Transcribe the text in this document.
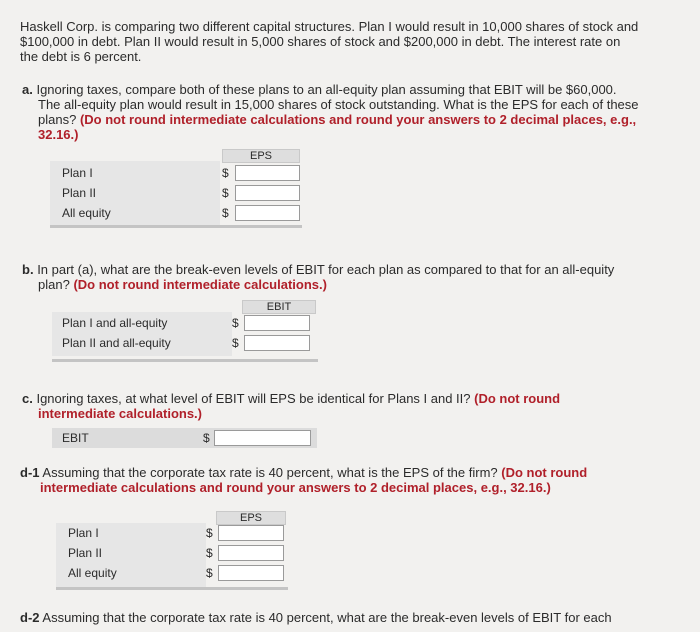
Haskell Corp. is comparing two different capital structures. Plan I would result in 10,000 shares of stock and
$100,000 in debt. Plan II would result in 5,000 shares of stock and $200,000 in debt. The interest rate on
the debt is 6 percent.
a. Ignoring taxes, compare both of these plans to an all-equity plan assuming that EBIT will be $60,000.
The all-equity plan would result in 15,000 shares of stock outstanding. What is the EPS for each of these
plans? (Do not round intermediate calculations and round your answers to 2 decimal places, e.g.,
32.16.)
EPS
Plan I	$
Plan II	$
All equity	$
b. In part (a), what are the break-even levels of EBIT for each plan as compared to that for an all-equity
plan? (Do not round intermediate calculations.)
EBIT
Plan I and all-equity	$
Plan II and all-equity	$
c. Ignoring taxes, at what level of EBIT will EPS be identical for Plans I and II? (Do not round
intermediate calculations.)
EBIT	$
d-1 Assuming that the corporate tax rate is 40 percent, what is the EPS of the firm? (Do not round
intermediate calculations and round your answers to 2 decimal places, e.g., 32.16.)
EPS
Plan I	$
Plan II	$
All equity	$
d-2 Assuming that the corporate tax rate is 40 percent, what are the break-even levels of EBIT for each
